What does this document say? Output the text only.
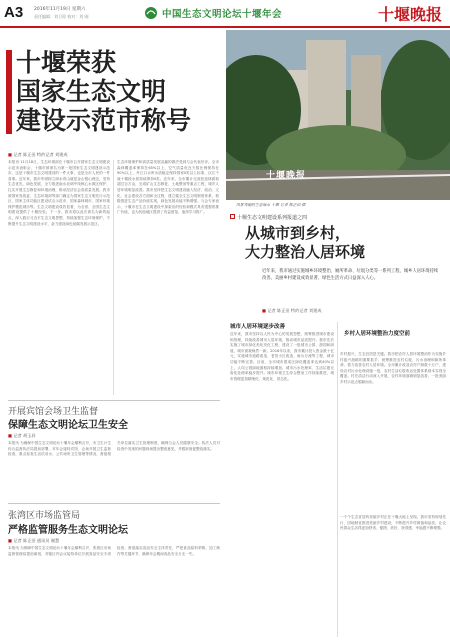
A3 2016年11月19日 星期六
责任编辑：刘卫琼 校对：刘 刚	中国生态文明论坛十堰年会	十堰晚报
十堰荣获
国家生态文明
建设示范市称号
■ 记者 陈正田 特约记者 刘建成
本报讯 11月18日，生态环境部在十堰市召开国家生态文明建设示范市表彰会，十堰市被命名为第一批国家生态文明建设示范市。这是十堰市生态文明建设的一件大事，也是全市人民的一件喜事。近年来，我市牢固树立绿水青山就是金山银山理念，坚持生态优先、绿色发展，全力推进南水北调中线核心水源区保护，扎实开展生态修复和环境治理，推动经济社会高质量发展。我市被国家发改委、生态环境部等部门确定为国家生态文明先行示范区、国家主体功能区建设试点示范市、国家森林城市、国家环境保护模范城市等。生态文明建设成效显著，为全省、全国生态文明建设提供了十堰经验。下一步，我市将以此次命名为新的起点，深入践行习近平生态文明思想，持续加强生态环境保护，不断提升生态文明建设水平，奋力建设绿色低碳发展示范区。
生态环境保护和高质量发展双赢的做法受到与会代表好评。全市森林覆盖率保持在65%以上，空气质量优良天数比例保持在90%以上，丹江口水库水质稳定保持国家Ⅱ类以上标准，汉江干流十堰段水质持续保持Ⅱ类。近年来，全市累计完成营造林面积超过百万亩，完成矿山生态修复、土地整治等重点工程，城乡人居环境明显改善。我市坚持把生态文明建设融入经济、政治、文化、社会建设各方面和全过程，建立健全生态文明制度体系，积极推进生态产品价值实现，绿色发展动能不断增强。与会专家表示，十堰市在生态文明建设中探索出的经验和模式具有很强的推广价值，也为其他地区提供了有益借鉴，值得学习推广。
十堰晚报
风景秀丽的生态城市 十堰 记者 陈正田 摄
十堰生态文明建设系列报道之四
从城市到乡村，
大力整治人居环境
近年来，我市通过实施城乡环境整治、厕所革命、垃圾分类等一系列工程，城乡人居环境持续改善。美丽乡村建设成效显著，绿色生活方式日益深入人心。
■ 记者 陈正田 特约记者 刘建成
城市人居环境逐步改善
近年来，我市坚持以人民为中心的发展思想，统筹推进城市建设和管理，持续改善城市人居环境，推动城市品质提升。我市先后实施了城市绿化美化亮化工程，建设了一批城市公园、游园和绿道，城市面貌焕然一新。2016年以来，我市累计投入资金数十亿元，实施城市道路改造、老旧小区改造、雨污分流等工程，城市功能不断完善。目前，全市城市建成区绿化覆盖率达到40%以上，人均公园绿地面积持续增加，城市污水处理率、生活垃圾无害化处理率稳步提升。城市环境卫生综合整治工作持续推进，城市管理更加精细化、规范化、常态化。
乡村人居环境整治力度空前
乡村振兴，生态宜居是关键。我市把农村人居环境整治作为实施乡村振兴战略的重要抓手，统筹推进农村垃圾、污水治理和厕所革命，着力改善农村人居环境。全市累计改造农村户厕数十万户，建设农村污水处理设施一批，农村生活垃圾收运处置体系基本实现全覆盖。村庄清洁行动深入开展，农村环境面貌明显改善，一批美丽乡村示范点脱颖而出。
一个个生态宜居的美丽乡村正在十堰大地上呈现。我市坚持规划先行，因地制宜推进美丽乡村建设，不断提升乡村颜值和品质，让农民群众生活得更加舒适、便捷、美好，获得感、幸福感不断增强。
开展宾馆会场卫生监督
保障生态文明论坛卫生安全
■ 记者 胡玉祥
本报讯 为确保中国生态文明论坛十堰年会顺利召开，市卫生计生综合监督执法局提前部署，对年会接待宾馆、会场开展卫生监督检查，重点检查生活饮用水、公共场所卫生管理等情况，督促相关单位落实卫生管理制度，确保与会人员健康安全。执法人员对检查中发现的问题现场提出整改意见，并跟踪督促整改落实。
张湾区市场监管局
严格监管服务生态文明论坛
■ 记者 陈正田 通讯员 谢慧
本报讯 为保障中国生态文明论坛十堰年会顺利召开，张湾区市场监督管理局提前谋划，对辖区内会议接待单位开展食品安全专项检查，督促落实食品安全主体责任，严把食品原料采购、加工制作等关键环节，确保年会期间食品安全万无一失。
